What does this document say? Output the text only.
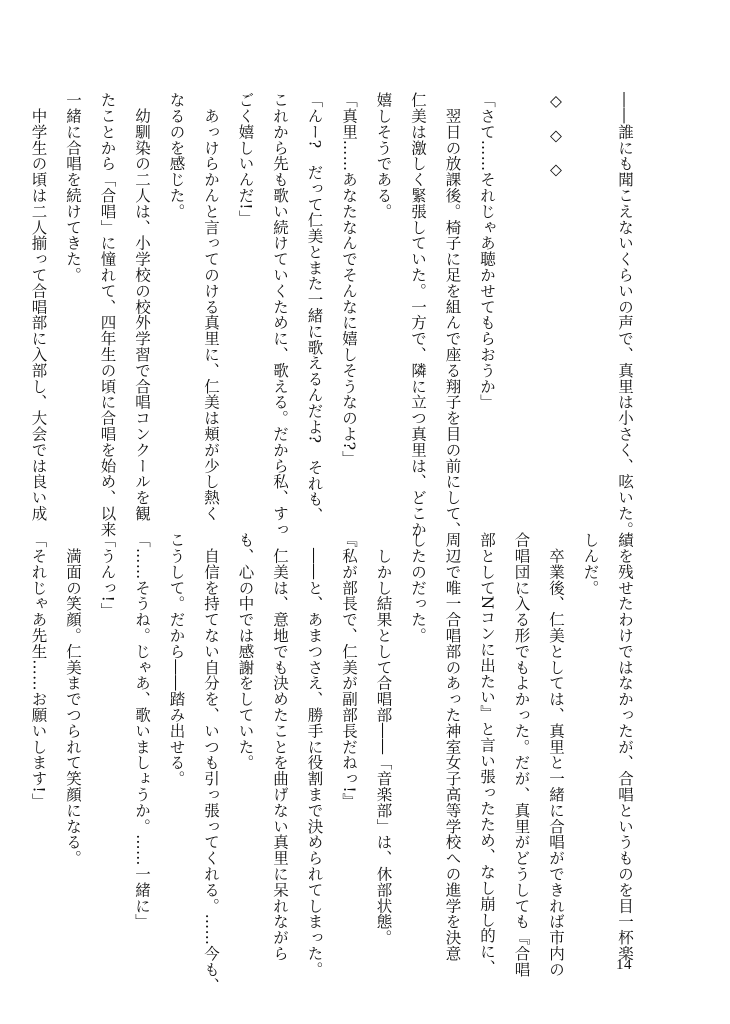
――誰にも聞こえないくらいの声で、真里は小さく、呟いた。

◇　◇　◇

「さて……それじゃあ聴かせてもらおうか」
　翌日の放課後。椅子に足を組んで座る翔子を目の前にして、
仁美は激しく緊張していた。一方で、隣に立つ真里は、どこか
嬉しそうである。
「真里……あなたなんでそんなに嬉しそうなのよ?」
「んー?　だって仁美とまた一緒に歌えるんだよ?　それも、
これから先も歌い続けていくために、歌える。だから私、すっ
ごく嬉しいんだ!」
　あっけらかんと言ってのける真里に、仁美は頬が少し熱く
なるのを感じた。
　幼馴染の二人は、小学校の校外学習で合唱コンクールを観
たことから「合唱」に憧れて、四年生の頃に合唱を始め、以来
一緒に合唱を続けてきた。
　中学生の頃は二人揃って合唱部に入部し、大会では良い成
績を残せたわけではなかったが、合唱というものを目一杯楽
しんだ。
　卒業後、仁美としては、真里と一緒に合唱ができれば市内の
合唱団に入る形でもよかった。だが、真里がどうしても『合唱
部としてNコンに出たい』と言い張ったため、なし崩し的に、
周辺で唯一合唱部のあった神室女子高等学校への進学を決意
したのだった。
　しかし結果として合唱部――「音楽部」は、休部状態。
『私が部長で、仁美が副部長だねっ!』
　――と、あまつさえ、勝手に役割まで決められてしまった。
　仁美は、意地でも決めたことを曲げない真里に呆れながら
も、心の中では感謝をしていた。
　自信を持てない自分を、いつも引っ張ってくれる。……今も、
こうして。だから――踏み出せる。
「……そうね。じゃあ、歌いましょうか。……一緒に」
「うんっ!」
　満面の笑顔。仁美までつられて笑顔になる。
「それじゃあ先生……お願いします!」
14
